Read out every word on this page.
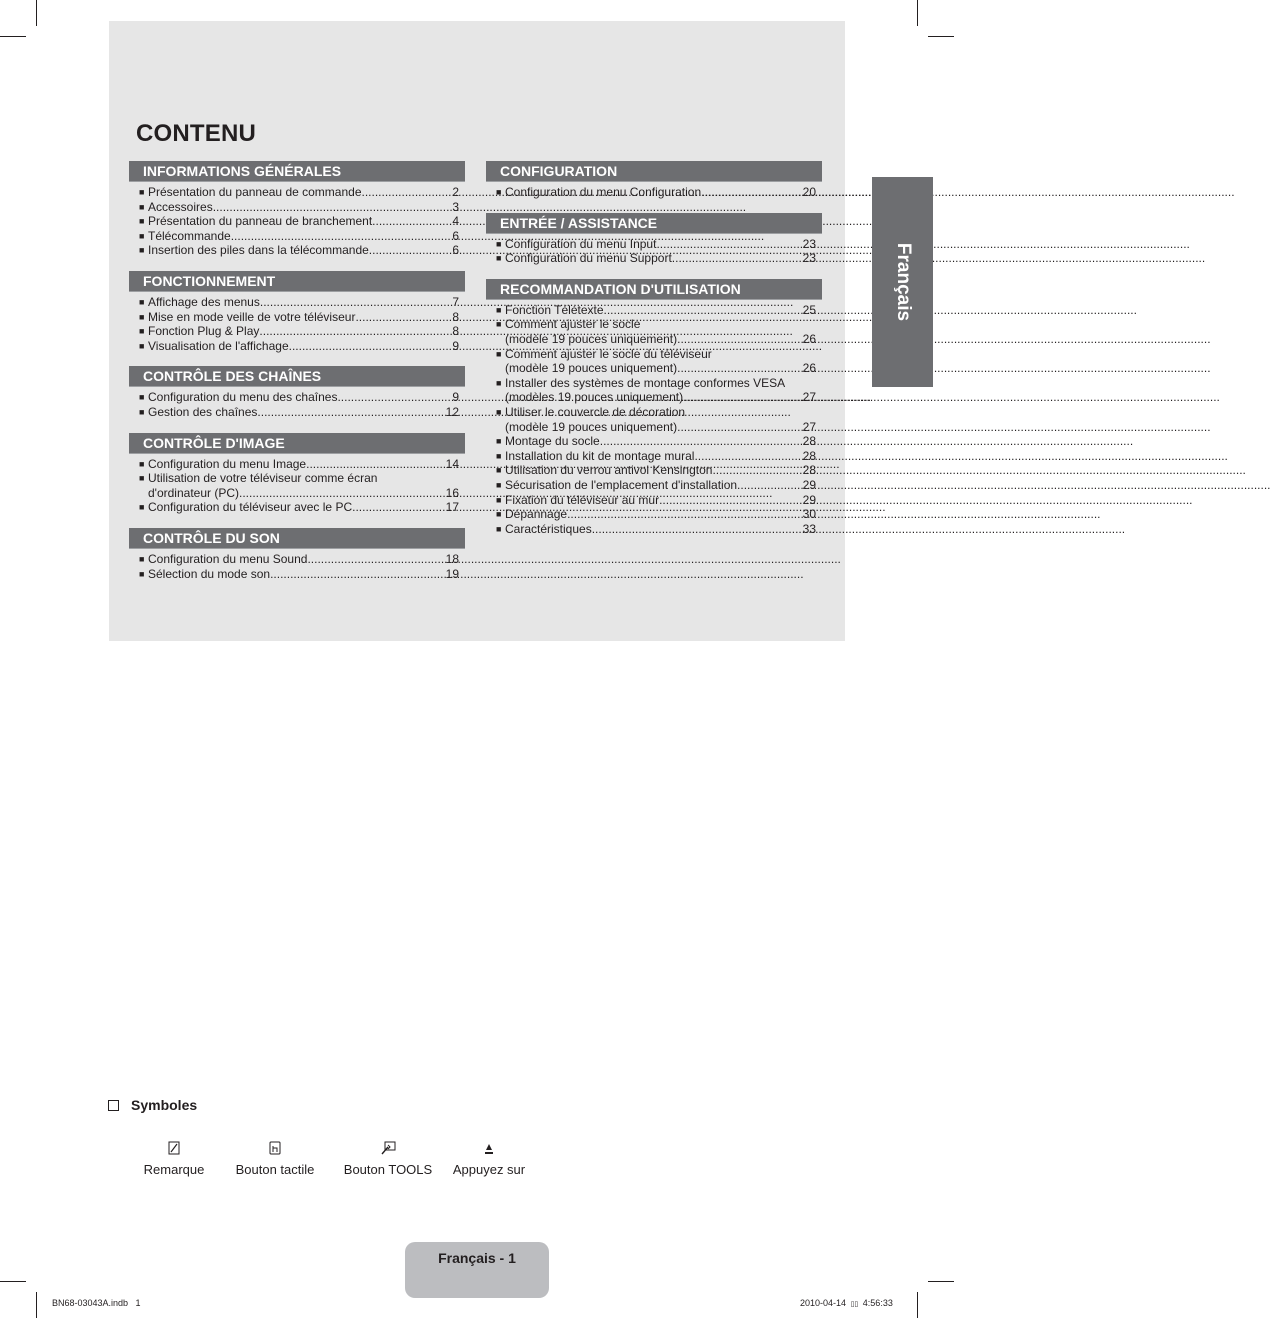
CONTENU
INFORMATIONS GÉNÉRALES
■ Présentation du panneau de commande .....	2
■ Accessoires .....	3
■ Présentation du panneau de branchement .....	4
■ Télécommande .....	6
■ Insertion des piles dans la télécommande .....	6
FONCTIONNEMENT
■ Affichage des menus .....	7
■ Mise en mode veille de votre téléviseur .....	8
■ Fonction Plug & Play .....	8
■ Visualisation de l'affichage .....	9
CONTRÔLE DES CHAÎNES
■ Configuration du menu des chaînes .....	9
■ Gestion des chaînes .....	12
CONTRÔLE D'IMAGE
■ Configuration du menu Image .....	14
■ Utilisation de votre téléviseur comme écran
d'ordinateur (PC) .....	16
■ Configuration du téléviseur avec le PC .....	17
CONTRÔLE DU SON
■ Configuration du menu Sound .....	18
■ Sélection du mode son .....	19
CONFIGURATION
■ Configuration du menu Configuration .....	20
ENTRÉE / ASSISTANCE
■ Configuration du menu Input .....	23
■ Configuration du menu Support .....	23
RECOMMANDATION D'UTILISATION
■ Fonction Télétexte .....	25
■ Comment ajuster le socle
(modèle 19 pouces uniquement) .....	26
■ Comment ajuster le socle du téléviseur
(modèle 19 pouces uniquement) .....	26
■ Installer des systèmes de montage conformes VESA
(modèles 19 pouces uniquement). .....	27
■ Utiliser le couvercle de décoration
(modèle 19 pouces uniquement) .....	27
■ Montage du socle .....	28
■ Installation du kit de montage mural .....	28
■ Utilisation du verrou antivol Kensington .....	28
■ Sécurisation de l'emplacement d'installation .....	29
■ Fixation du téléviseur au mur .....	29
■ Dépannage .....	30
■ Caractéristiques .....	33
Français
Symboles
Remarque	Bouton tactile	Bouton TOOLS	Appuyez sur
Français - 1
BN68-03043A.indb   1	2010-04-14 ▯▯ 4:56:33
